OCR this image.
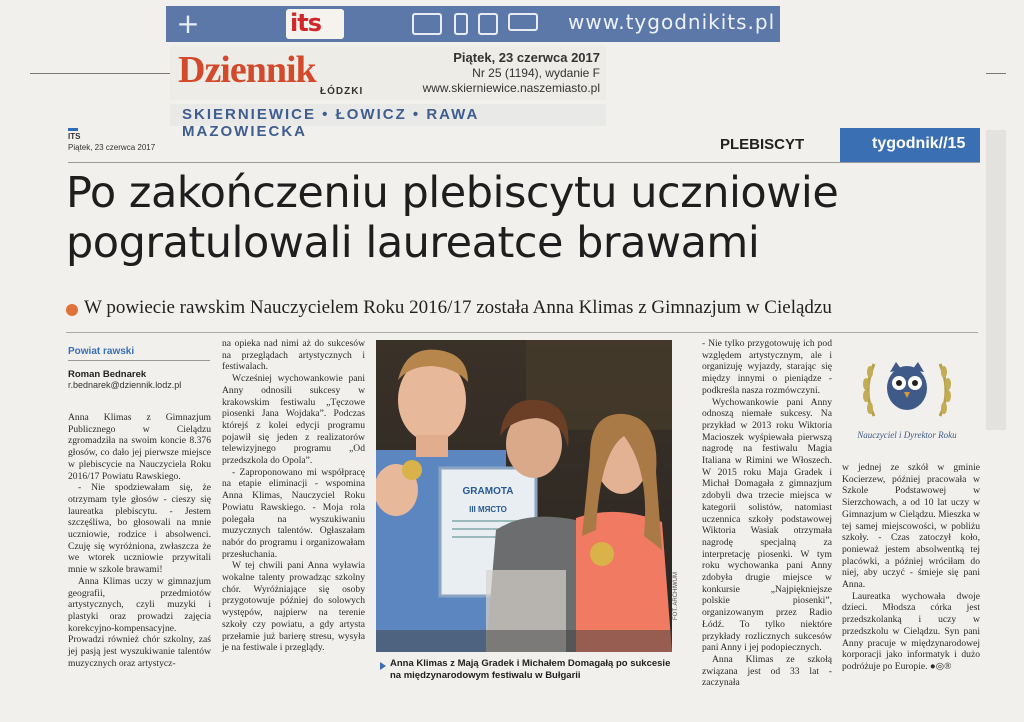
+	its	www.tygodnikits.pl
Dziennik
ŁÓDZKI
Piątek, 23 czerwca 2017
Nr 25 (1194), wydanie F
www.skierniewice.naszemiasto.pl
SKIERNIEWICE • ŁOWICZ • RAWA MAZOWIECKA
ITS
Piątek, 23 czerwca 2017	PLEBISCYT	tygodnik//15
Po zakończeniu plebiscytu uczniowie pogratulowali laureatce brawami
W powiecie rawskim Nauczycielem Roku 2016/17 została Anna Klimas z Gimnazjum w Cielądzu
Powiat rawski
Roman Bednarek
r.bednarek@dziennik.lodz.pl

Anna Klimas z Gimnazjum Publicznego w Cielądzu zgromadziła na swoim koncie 8.376 głosów, co dało jej pierwsze miejsce w plebiscycie na Nauczyciela Roku 2016/17 Powiatu Rawskiego.

- Nie spodziewałam się, że otrzymam tyle głosów - cieszy się laureatka plebiscytu. - Jestem szczęśliwa, bo głosowali na mnie uczniowie, rodzice i absolwenci. Czuję się wyróżniona, zwłaszcza że we wtorek uczniowie przywitali mnie w szkole brawami!

Anna Klimas uczy w gimnazjum geografii, przedmiotów artystycznych, czyli muzyki i plastyki oraz prowadzi zajęcia korekcyjno-kompensacyjne. Prowadzi również chór szkolny, zaś jej pasją jest wyszukiwanie talentów muzycznych oraz artystycz-

na opieka nad nimi aż do sukcesów na przeglądach artystycznych i festiwalach.

Wcześniej wychowankowie pani Anny odnosili sukcesy w krakowskim festiwalu „Tęczowe piosenki Jana Wojdaka”. Podczas którejś z kolei edycji programu pojawił się jeden z realizatorów telewizyjnego programu „Od przedszkola do Opola”.

- Zaproponowano mi współpracę na etapie eliminacji - wspomina Anna Klimas, Nauczyciel Roku Powiatu Rawskiego. - Moja rola polegała na wyszukiwaniu muzycznych talentów. Ogłaszałam nabór do programu i organizowałam przesłuchania.

W tej chwili pani Anna wyławia wokalne talenty prowadząc szkolny chór. Wyróżniające się osoby przygotowuje później do solowych występów, najpierw na terenie szkoły czy powiatu, a gdy artysta przełamie już barierę stresu, wysyła je na festiwale i przeglądy.

GRAMOTA
III МЯСТО
FOT. ARCHIWUM
Anna Klimas z Mają Gradek i Michałem Domagałą po sukcesie na międzynarodowym festiwalu w Bułgarii

- Nie tylko przygotowuję ich pod względem artystycznym, ale i organizuję wyjazdy, starając się między innymi o pieniądze - podkreśla nasza rozmówczyni.

Wychowankowie pani Anny odnoszą niemałe sukcesy. Na przykład w 2013 roku Wiktoria Macioszek wyśpiewała pierwszą nagrodę na festiwalu Magia Italiana w Rimini we Włoszech. W 2015 roku Maja Gradek i Michał Domagała z gimnazjum zdobyli dwa trzecie miejsca w kategorii solistów, natomiast uczennica szkoły podstawowej Wiktoria Wasiak otrzymała nagrodę specjalną za interpretację piosenki. W tym roku wychowanka pani Anny zdobyła drugie miejsce w konkursie „Najpiękniejsze polskie piosenki”, organizowanym przez Radio Łódź. To tylko niektóre przykłady rozlicznych sukcesów pani Anny i jej podopiecznych.

Anna Klimas ze szkołą związana jest od 33 lat - zaczynała

Nauczyciel i Dyrektor Roku

w jednej ze szkół w gminie Kocierzew, później pracowała w Szkole Podstawowej w Sierzchowach, a od 10 lat uczy w Gimnazjum w Cielądzu. Mieszka w tej samej miejscowości, w pobliżu szkoły. - Czas zatoczył koło, ponieważ jestem absolwentką tej placówki, a później wróciłam do niej, aby uczyć - śmieje się pani Anna.

Laureatka wychowała dwoje dzieci. Młodsza córka jest przedszkolanką i uczy w przedszkolu w Cielądzu. Syn pani Anny pracuje w międzynarodowej korporacji jako informatyk i dużo podróżuje po Europie. ●◎®
